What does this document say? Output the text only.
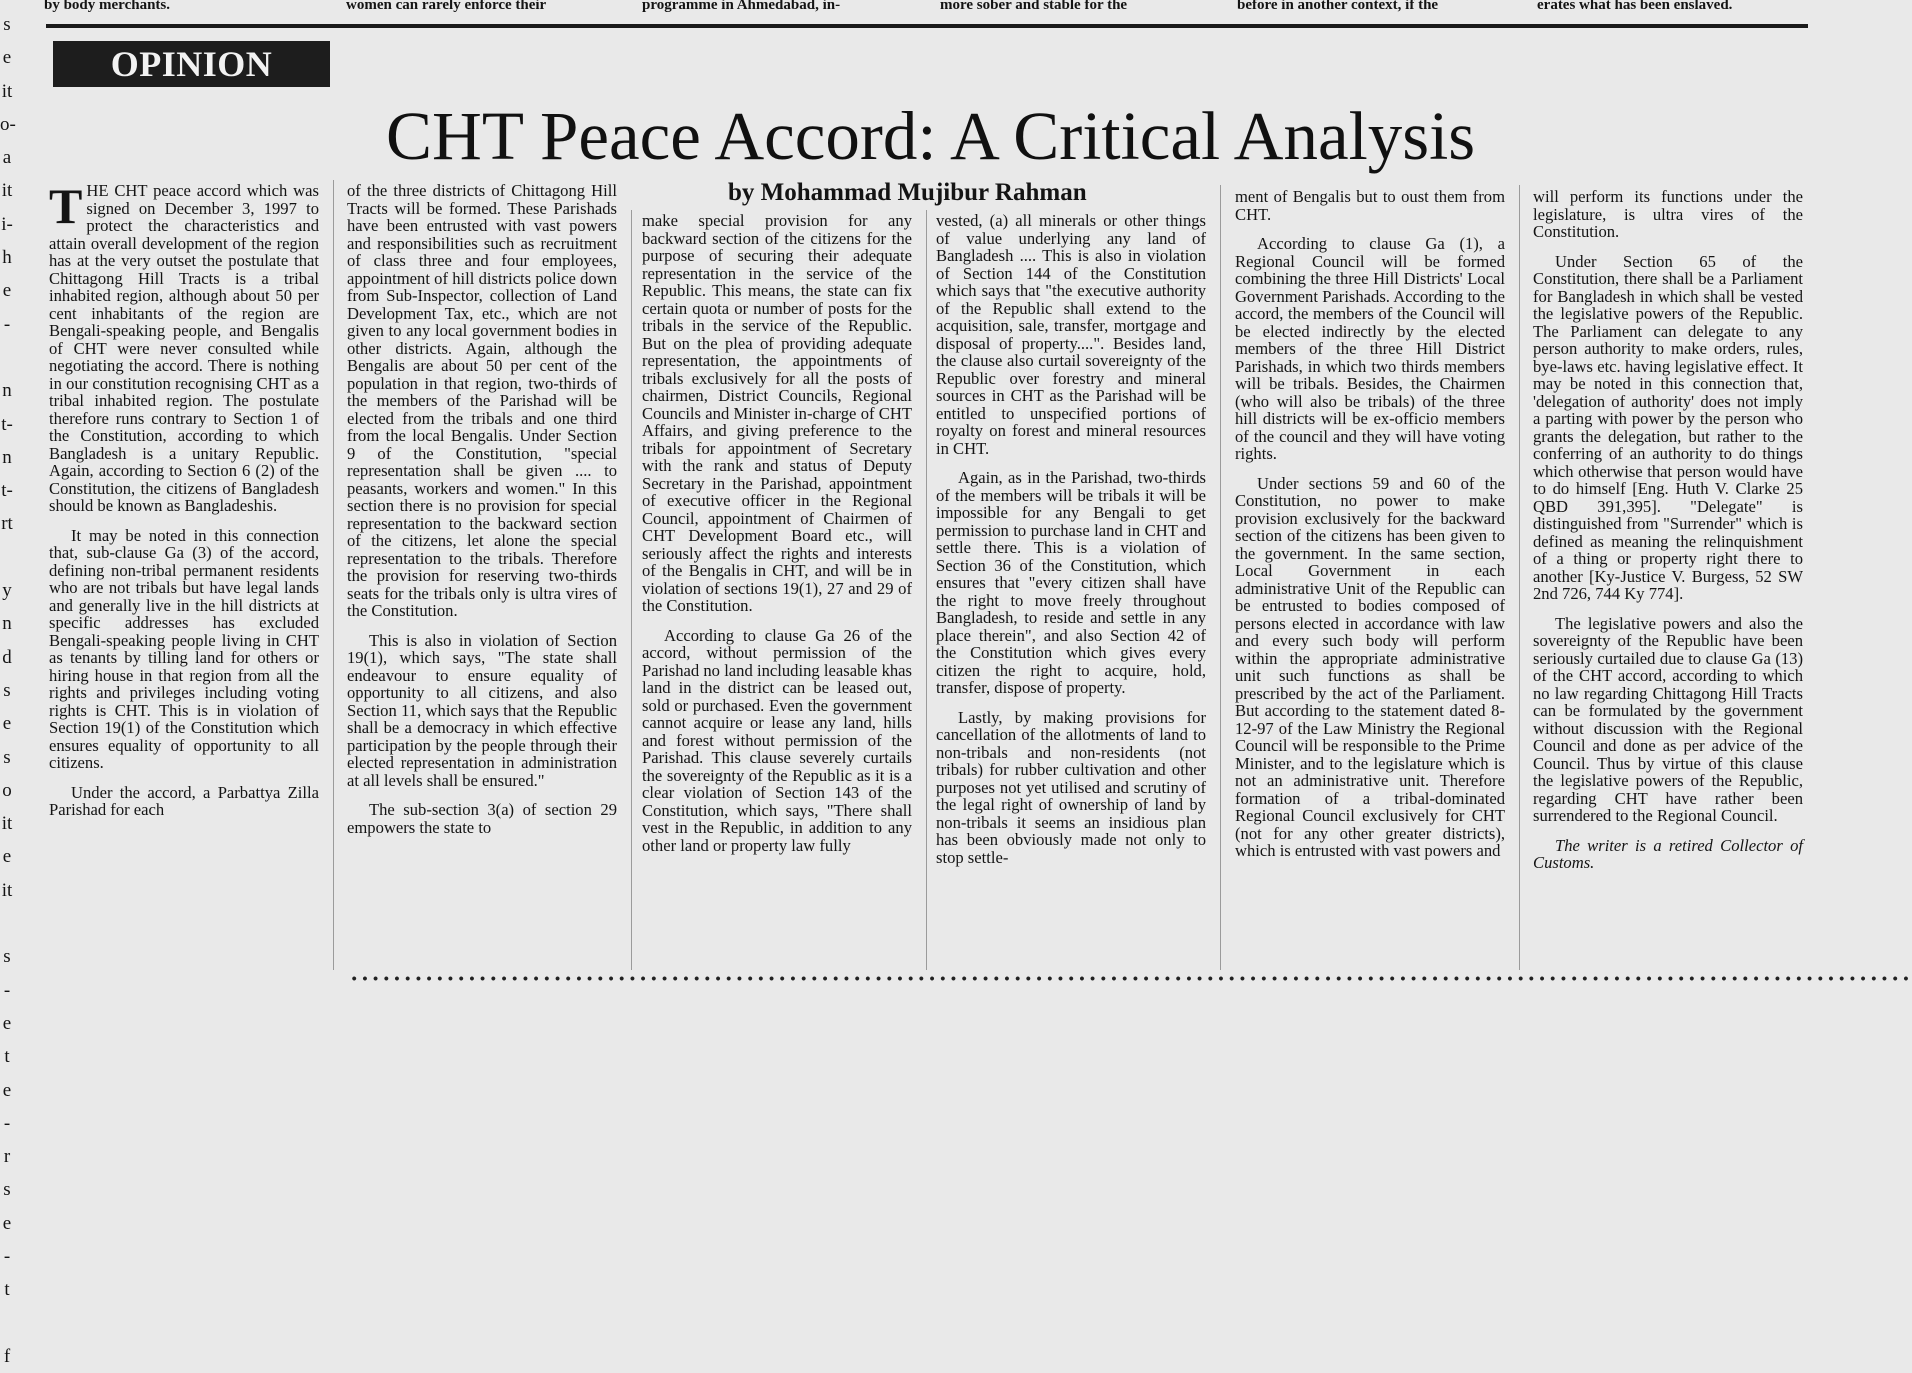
by body merchants.	women can rarely enforce their	programme in Ahmedabad, in-	more sober and stable for the	before in another context, if the	erates what has been enslaved.
s
e
it
o-
a
it
i-
h
e
-
n
t-
n
t-
rt
y
n
d
s
e
s
o
it
e
it
s
-
e
t
e
-
r
s
e
-
t
f
OPINION
CHT Peace Accord: A Critical Analysis
by Mohammad Mujibur Rahman

THE CHT peace accord which was signed on December 3, 1997 to protect the characteristics and attain overall development of the region has at the very outset the postulate that Chittagong Hill Tracts is a tribal inhabited region, although about 50 per cent inhabitants of the region are Bengali-speaking people, and Bengalis of CHT were never consulted while negotiating the accord. There is nothing in our constitution recognising CHT as a tribal inhabited region. The postulate therefore runs contrary to Section 1 of the Constitution, according to which Bangladesh is a unitary Republic. Again, according to Section 6 (2) of the Constitution, the citizens of Bangladesh should be known as Bangladeshis.

It may be noted in this connection that, sub-clause Ga (3) of the accord, defining non-tribal permanent residents who are not tribals but have legal lands and generally live in the hill districts at specific addresses has excluded Bengali-speaking people living in CHT as tenants by tilling land for others or hiring house in that region from all the rights and privileges including voting rights is CHT. This is in violation of Section 19(1) of the Constitution which ensures equality of opportunity to all citizens.

Under the accord, a Parbattya Zilla Parishad for each

of the three districts of Chittagong Hill Tracts will be formed. These Parishads have been entrusted with vast powers and responsibilities such as recruitment of class three and four employees, appointment of hill districts police down from Sub-Inspector, collection of Land Development Tax, etc., which are not given to any local government bodies in other districts. Again, although the Bengalis are about 50 per cent of the population in that region, two-thirds of the members of the Parishad will be elected from the tribals and one third from the local Bengalis. Under Section 9 of the Constitution, "special representation shall be given .... to peasants, workers and women." In this section there is no provision for special representation to the backward section of the citizens, let alone the special representation to the tribals. Therefore the provision for reserving two-thirds seats for the tribals only is ultra vires of the Constitution.

This is also in violation of Section 19(1), which says, "The state shall endeavour to ensure equality of opportunity to all citizens, and also Section 11, which says that the Republic shall be a democracy in which effective participation by the people through their elected representation in administration at all levels shall be ensured."

The sub-section 3(a) of section 29 empowers the state to

make special provision for any backward section of the citizens for the purpose of securing their adequate representation in the service of the Republic. This means, the state can fix certain quota or number of posts for the tribals in the service of the Republic. But on the plea of providing adequate representation, the appointments of tribals exclusively for all the posts of chairmen, District Councils, Regional Councils and Minister in-charge of CHT Affairs, and giving preference to the tribals for appointment of Secretary with the rank and status of Deputy Secretary in the Parishad, appointment of executive officer in the Regional Council, appointment of Chairmen of CHT Development Board etc., will seriously affect the rights and interests of the Bengalis in CHT, and will be in violation of sections 19(1), 27 and 29 of the Constitution.

According to clause Ga 26 of the accord, without permission of the Parishad no land including leasable khas land in the district can be leased out, sold or purchased. Even the government cannot acquire or lease any land, hills and forest without permission of the Parishad. This clause severely curtails the sovereignty of the Republic as it is a clear violation of Section 143 of the Constitution, which says, "There shall vest in the Republic, in addition to any other land or property law fully

vested, (a) all minerals or other things of value underlying any land of Bangladesh .... This is also in violation of Section 144 of the Constitution which says that "the executive authority of the Republic shall extend to the acquisition, sale, transfer, mortgage and disposal of property....". Besides land, the clause also curtail sovereignty of the Republic over forestry and mineral sources in CHT as the Parishad will be entitled to unspecified portions of royalty on forest and mineral resources in CHT.

Again, as in the Parishad, two-thirds of the members will be tribals it will be impossible for any Bengali to get permission to purchase land in CHT and settle there. This is a violation of Section 36 of the Constitution, which ensures that "every citizen shall have the right to move freely throughout Bangladesh, to reside and settle in any place therein", and also Section 42 of the Constitution which gives every citizen the right to acquire, hold, transfer, dispose of property.

Lastly, by making provisions for cancellation of the allotments of land to non-tribals and non-residents (not tribals) for rubber cultivation and other purposes not yet utilised and scrutiny of the legal right of ownership of land by non-tribals it seems an insidious plan has been obviously made not only to stop settle-

ment of Bengalis but to oust them from CHT.

According to clause Ga (1), a Regional Council will be formed combining the three Hill Districts' Local Government Parishads. According to the accord, the members of the Council will be elected indirectly by the elected members of the three Hill District Parishads, in which two thirds members will be tribals. Besides, the Chairmen (who will also be tribals) of the three hill districts will be ex-officio members of the council and they will have voting rights.

Under sections 59 and 60 of the Constitution, no power to make provision exclusively for the backward section of the citizens has been given to the government. In the same section, Local Government in each administrative Unit of the Republic can be entrusted to bodies composed of persons elected in accordance with law and every such body will perform within the appropriate administrative unit such functions as shall be prescribed by the act of the Parliament. But according to the statement dated 8-12-97 of the Law Ministry the Regional Council will be responsible to the Prime Minister, and to the legislature which is not an administrative unit. Therefore formation of a tribal-dominated Regional Council exclusively for CHT (not for any other greater districts), which is entrusted with vast powers and

will perform its functions under the legislature, is ultra vires of the Constitution.

Under Section 65 of the Constitution, there shall be a Parliament for Bangladesh in which shall be vested the legislative powers of the Republic. The Parliament can delegate to any person authority to make orders, rules, bye-laws etc. having legislative effect. It may be noted in this connection that, 'delegation of authority' does not imply a parting with power by the person who grants the delegation, but rather to the conferring of an authority to do things which otherwise that person would have to do himself [Eng. Huth V. Clarke 25 QBD 391,395]. "Delegate" is distinguished from "Surrender" which is defined as meaning the relinquishment of a thing or property right there to another [Ky-Justice V. Burgess, 52 SW 2nd 726, 744 Ky 774].

The legislative powers and also the sovereignty of the Republic have been seriously curtailed due to clause Ga (13) of the CHT accord, according to which no law regarding Chittagong Hill Tracts can be formulated by the government without discussion with the Regional Council and done as per advice of the Council. Thus by virtue of this clause the legislative powers of the Republic, regarding CHT have rather been surrendered to the Regional Council.

The writer is a retired Collector of Customs.

••••••••••••••••••••••••••••••••••••••••••••••••••••••••••••••••••••••••••••••••••••••••••••••••••••••••••••••••••••••••••••••••••••••••••••••••••
